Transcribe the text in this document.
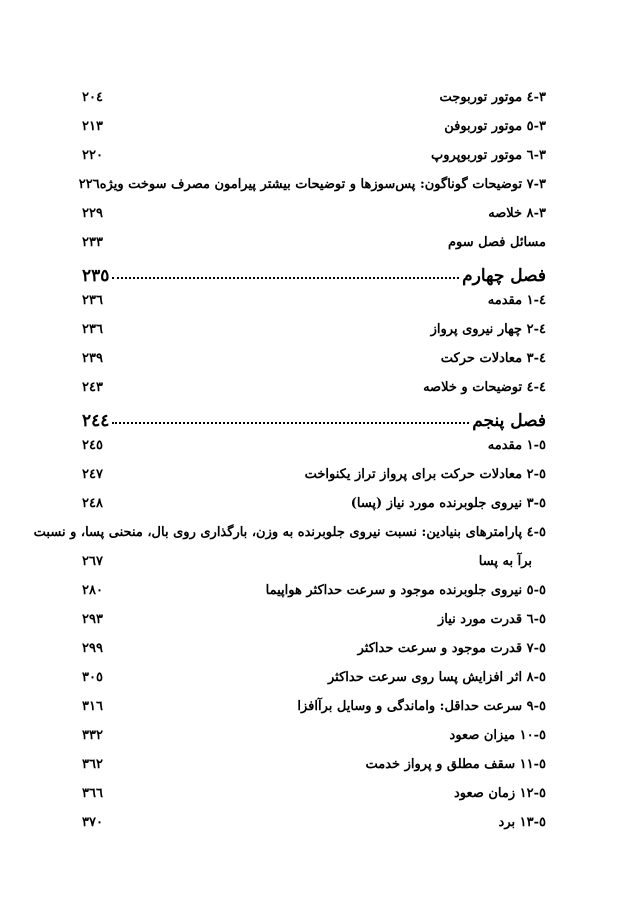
٣-٤ موتور توربوجت
٢٠٤
٣-٥ موتور توربوفن
٢١٣
٣-٦ موتور توربوپروپ
٢٢٠
٣-٧ توضیحات گوناگون: پس‌سوزها و توضیحات بیشتر پیرامون مصرف سوخت ویژه
٢٢٦
٣-٨ خلاصه
٢٢٩
مسائل فصل سوم
٢٣٣
فصل چهارم
٢٣٥
٤-١ مقدمه
٢٣٦
٤-٢ چهار نیروی پرواز
٢٣٦
٤-٣ معادلات حرکت
٢٣٩
٤-٤ توضیحات و خلاصه
٢٤٣
فصل پنجم
٢٤٤
٥-١ مقدمه
٢٤٥
٥-٢ معادلات حرکت برای پرواز تراز یکنواخت
٢٤٧
٥-٣ نیروی جلوبرنده مورد نیاز (پسا)
٢٤٨
٥-٤ پارامترهای بنیادین: نسبت نیروی جلوبرنده به وزن، بارگذاری روی بال، منحنی پسا، و نسبت
برآ به پسا
٢٦٧
٥-٥ نیروی جلوبرنده موجود و سرعت حداکثر هواپیما
٢٨٠
٥-٦ قدرت مورد نیاز
٢٩٣
٥-٧ قدرت موجود و سرعت حداکثر
٢٩٩
٥-٨ اثر افزایش پسا روی سرعت حداکثر
٣٠٥
٥-٩ سرعت حداقل: واماندگی و وسایل برآافزا
٣١٦
٥-١٠ میزان صعود
٣٣٢
٥-١١ سقف مطلق و پرواز خدمت
٣٦٢
٥-١٢ زمان صعود
٣٦٦
٥-١٣ برد
٣٧٠
